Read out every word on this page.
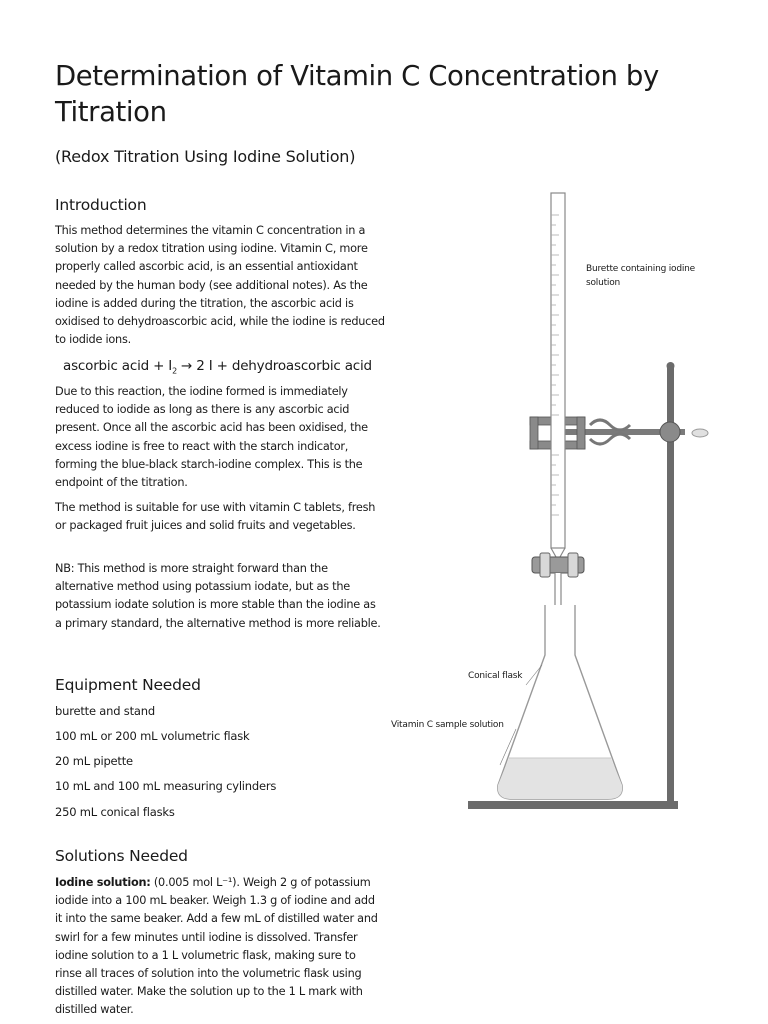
Determination of Vitamin C Concentration by Titration

(Redox Titration Using Iodine Solution)

Introduction

This method determines the vitamin C concentration in a solution by a redox titration using iodine. Vitamin C, more properly called ascorbic acid, is an essential antioxidant needed by the human body (see additional notes). As the iodine is added during the titration, the ascorbic acid is oxidised to dehydroascorbic acid, while the iodine is reduced to iodide ions.

ascorbic acid + $I_2 \to 2$ I + dehydroascorbic acid

Due to this reaction, the iodine formed is immediately reduced to iodide as long as there is any ascorbic acid present. Once all the ascorbic acid has been oxidised, the excess iodine is free to react with the starch indicator, forming the blue-black starch-iodine complex. This is the endpoint of the titration.

The method is suitable for use with vitamin C tablets, fresh or packaged fruit juices and solid fruits and vegetables.

NB: This method is more straight forward than the alternative method using potassium iodate, but as the potassium iodate solution is more stable than the iodine as a primary standard, the alternative method is more reliable.

Equipment Needed

burette and stand

100 mL or 200 mL volumetric flask

20 mL pipette

10 mL and 100 mL measuring cylinders

250 mL conical flasks

Solutions Needed

Iodine solution: (0.005 mol L⁻¹). Weigh 2 g of potassium iodide into a 100 mL beaker. Weigh 1.3 g of iodine and add it into the same beaker. Add a few mL of distilled water and swirl for a few minutes until iodine is dissolved. Transfer iodine solution to a 1 L volumetric flask, making sure to rinse all traces of solution into the volumetric flask using distilled water. Make the solution up to the 1 L mark with distilled water.

Burette containing iodine solution
Conical flask
Vitamin C sample solution
